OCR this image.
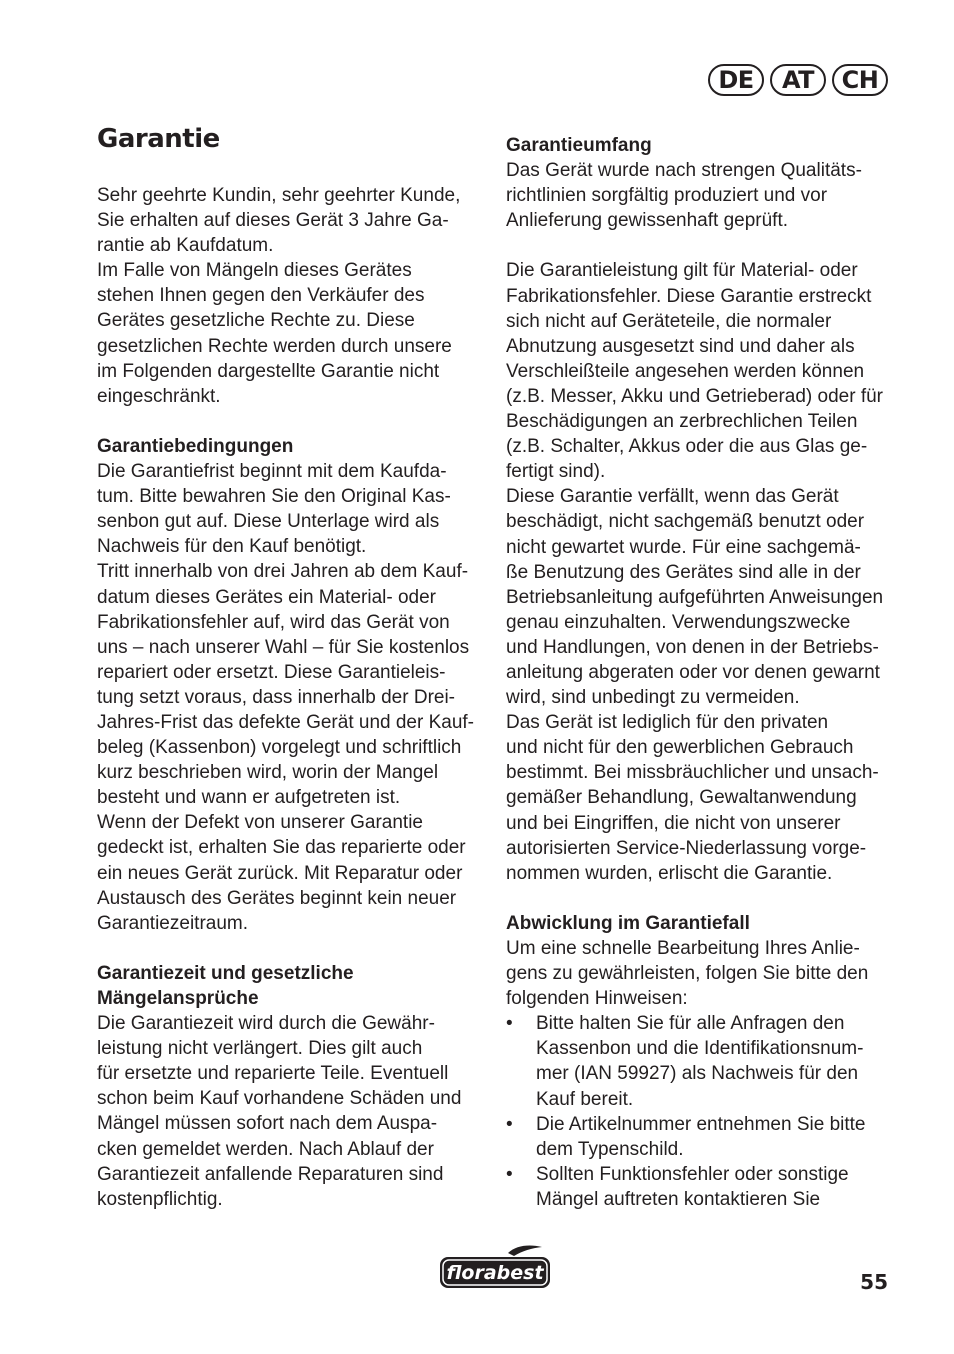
DE	AT	CH
Garantie
Sehr geehrte Kundin, sehr geehrter Kunde,
Sie erhalten auf dieses Gerät 3 Jahre Ga-
rantie ab Kaufdatum.
Im Falle von Mängeln dieses Gerätes
stehen Ihnen gegen den Verkäufer des
Gerätes gesetzliche Rechte zu. Diese
gesetzlichen Rechte werden durch unsere
im Folgenden dargestellte Garantie nicht
eingeschränkt.
Garantiebedingungen
Die Garantiefrist beginnt mit dem Kaufda-
tum. Bitte bewahren Sie den Original Kas-
senbon gut auf. Diese Unterlage wird als
Nachweis für den Kauf benötigt.
Tritt innerhalb von drei Jahren ab dem Kauf-
datum dieses Gerätes ein Material- oder
Fabrikationsfehler auf, wird das Gerät von
uns – nach unserer Wahl – für Sie kostenlos
repariert oder ersetzt. Diese Garantieleis-
tung setzt voraus, dass innerhalb der Drei-
Jahres-Frist das defekte Gerät und der Kauf-
beleg (Kassenbon) vorgelegt und schriftlich
kurz beschrieben wird, worin der Mangel
besteht und wann er aufgetreten ist.
Wenn der Defekt von unserer Garantie
gedeckt ist, erhalten Sie das reparierte oder
ein neues Gerät zurück. Mit Reparatur oder
Austausch des Gerätes beginnt kein neuer
Garantiezeitraum.
Garantiezeit und gesetzliche
Mängelansprüche
Die Garantiezeit wird durch die Gewähr-
leistung nicht verlängert. Dies gilt auch
für ersetzte und reparierte Teile. Eventuell
schon beim Kauf vorhandene Schäden und
Mängel müssen sofort nach dem Auspa-
cken gemeldet werden. Nach Ablauf der
Garantiezeit anfallende Reparaturen sind
kostenpflichtig.
Garantieumfang
Das Gerät wurde nach strengen Qualitäts-
richtlinien sorgfältig produziert und vor
Anlieferung gewissenhaft geprüft.
Die Garantieleistung gilt für Material- oder
Fabrikationsfehler. Diese Garantie erstreckt
sich nicht auf Geräteteile, die normaler
Abnutzung ausgesetzt sind und daher als
Verschleißteile angesehen werden können
(z.B. Messer, Akku und Getrieberad) oder für
Beschädigungen an zerbrechlichen Teilen
(z.B. Schalter, Akkus oder die aus Glas ge-
fertigt sind).
Diese Garantie verfällt, wenn das Gerät
beschädigt, nicht sachgemäß benutzt oder
nicht gewartet wurde. Für eine sachgemä-
ße Benutzung des Gerätes sind alle in der
Betriebsanleitung aufgeführten Anweisungen
genau einzuhalten. Verwendungszwecke
und Handlungen, von denen in der Betriebs-
anleitung abgeraten oder vor denen gewarnt
wird, sind unbedingt zu vermeiden.
Das Gerät ist lediglich für den privaten
und nicht für den gewerblichen Gebrauch
bestimmt. Bei missbräuchlicher und unsach-
gemäßer Behandlung, Gewaltanwendung
und bei Eingriffen, die nicht von unserer
autorisierten Service-Niederlassung vorge-
nommen wurden, erlischt die Garantie.
Abwicklung im Garantiefall
Um eine schnelle Bearbeitung Ihres Anlie-
gens zu gewährleisten, folgen Sie bitte den
folgenden Hinweisen:
•	Bitte halten Sie für alle Anfragen den
Kassenbon und die Identifikationsnum-
mer (IAN 59927) als Nachweis für den
Kauf bereit.
•	Die Artikelnummer entnehmen Sie bitte
dem Typenschild.
•	Sollten Funktionsfehler oder sonstige
Mängel auftreten kontaktieren Sie
florabest	55
